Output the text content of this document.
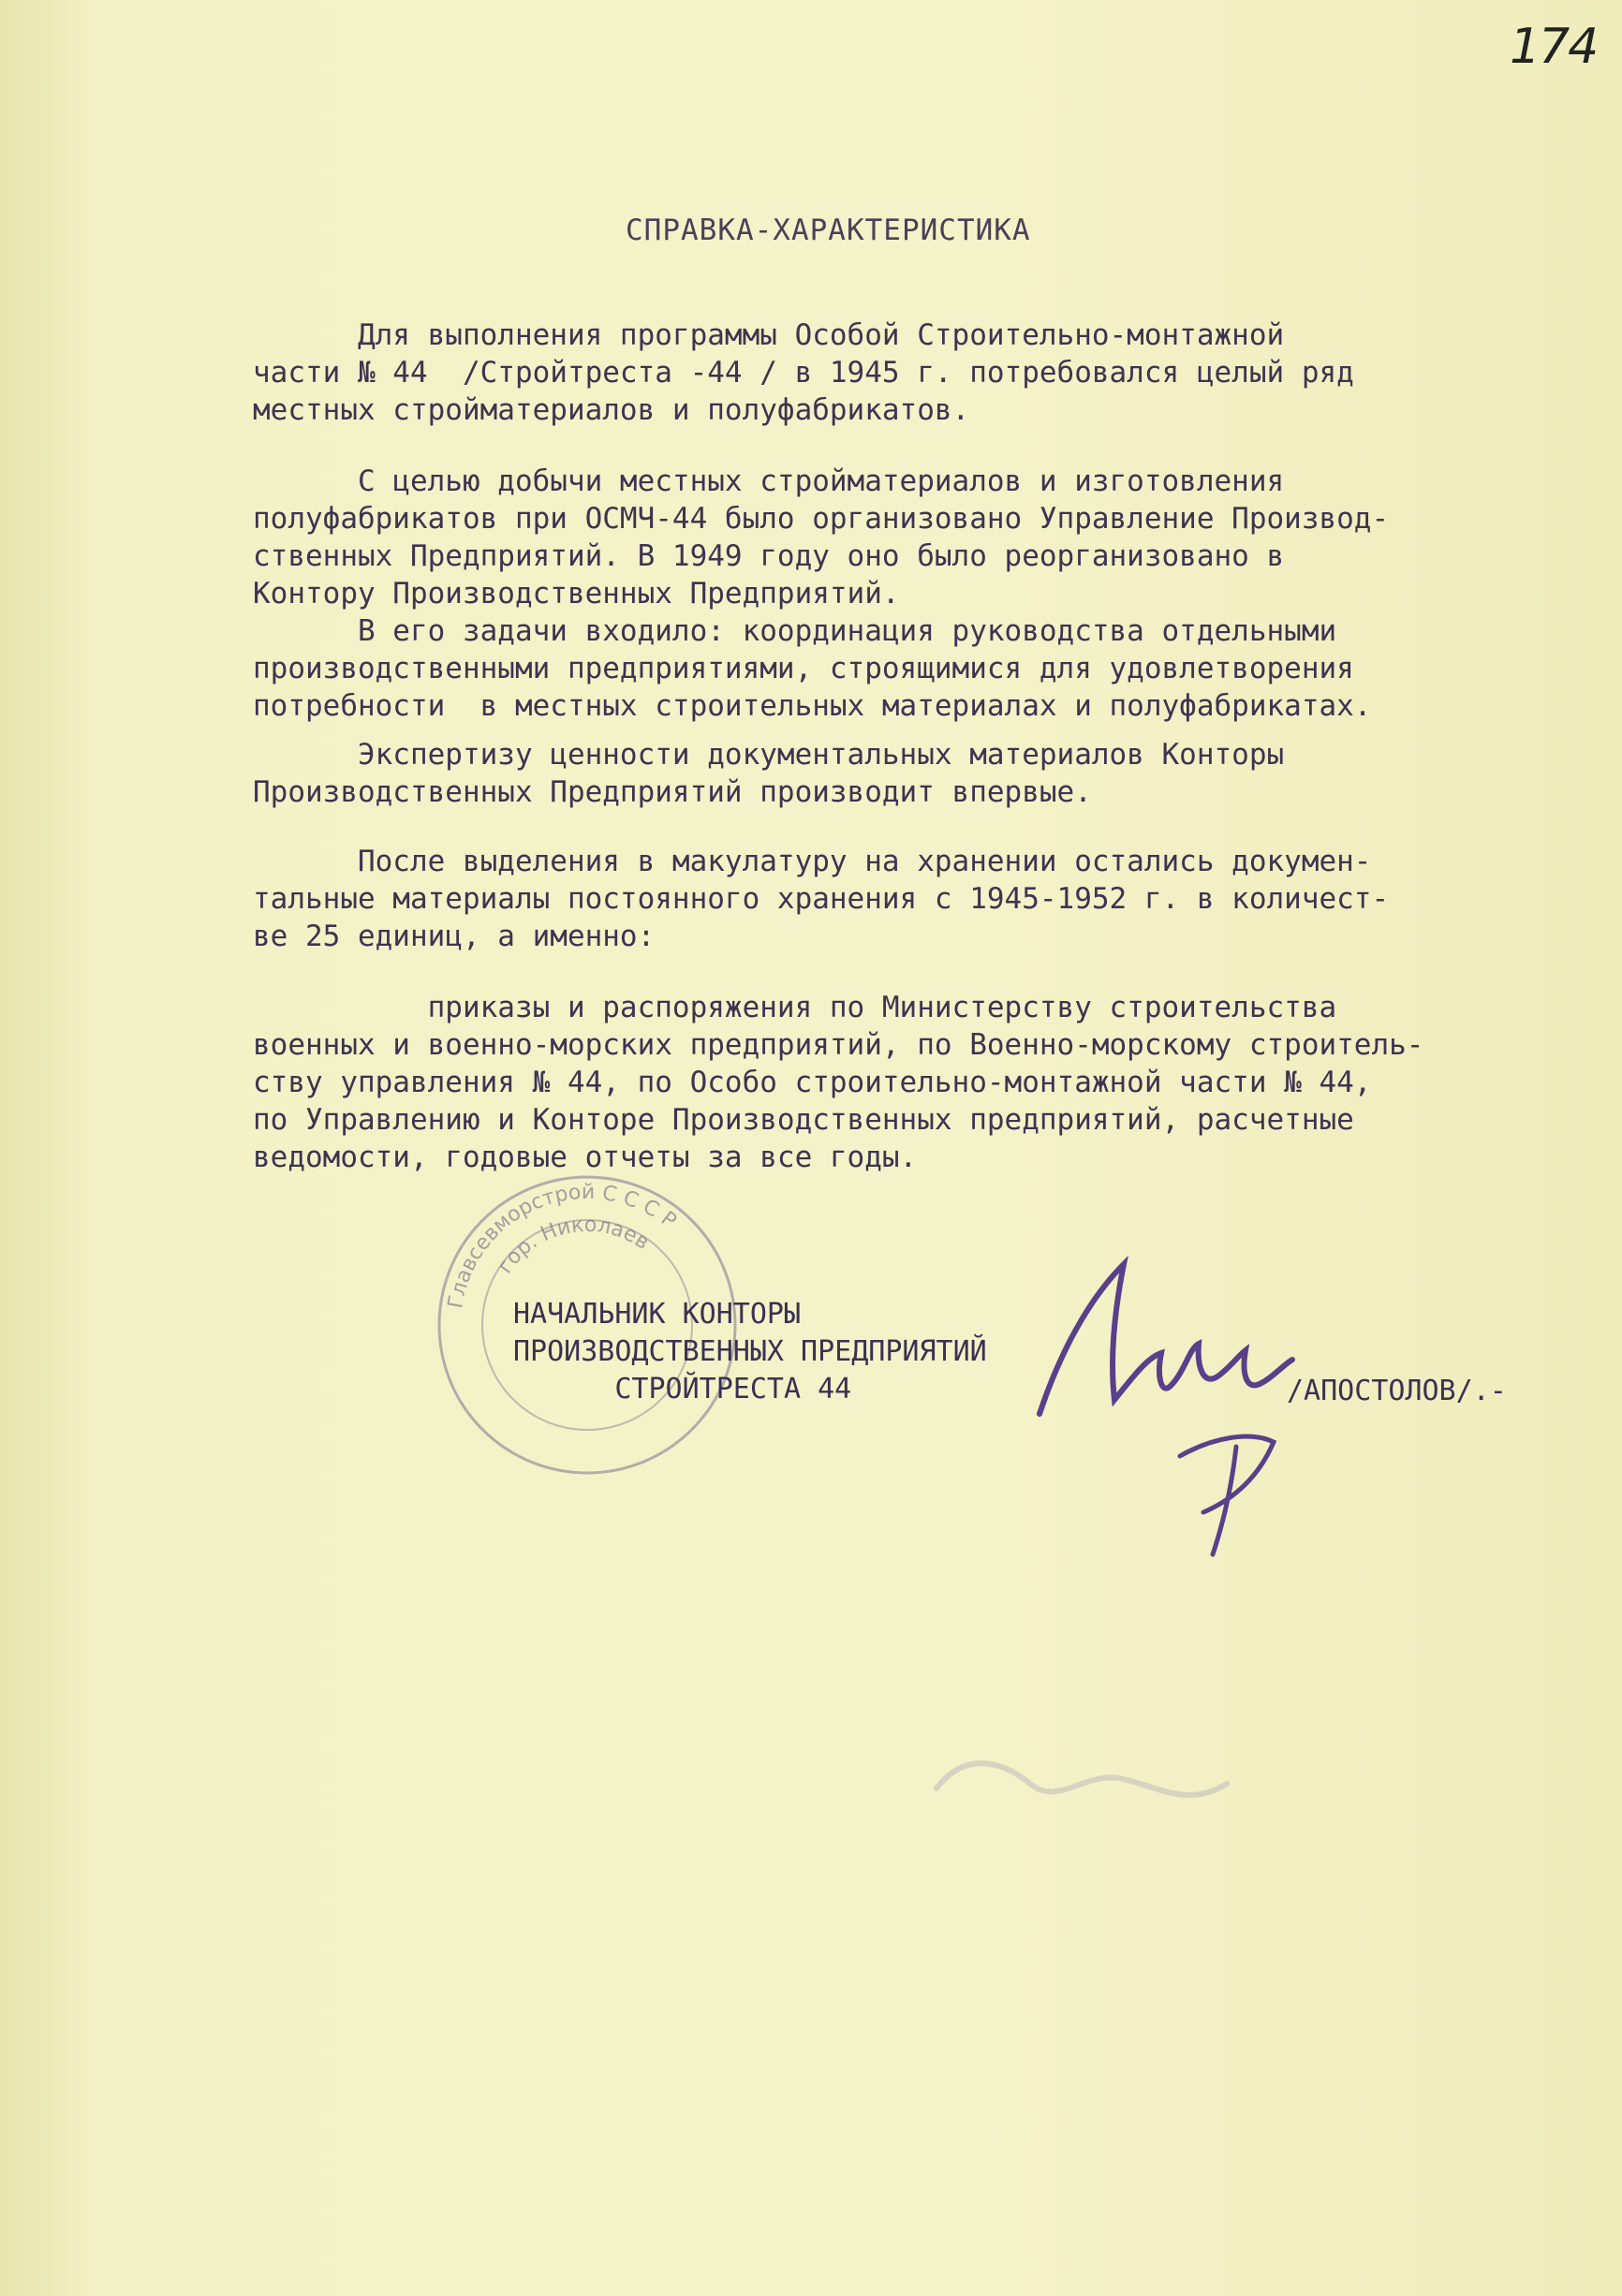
174
СПРАВКА-ХАРАКТЕРИСТИКА
Для выполнения программы Особой Строительно-монтажной
части № 44  /Стройтреста -44 / в 1945 г. потребовался целый ряд
местных стройматериалов и полуфабрикатов.
С целью добычи местных стройматериалов и изготовления
полуфабрикатов при ОСМЧ-44 было организовано Управление Производ-
ственных Предприятий. В 1949 году оно было реорганизовано в
Контору Производственных Предприятий.
В его задачи входило: координация руководства отдельными
производственными предприятиями, строящимися для удовлетворения
потребности  в местных строительных материалах и полуфабрикатах.
Экспертизу ценности документальных материалов Конторы
Производственных Предприятий производит впервые.
После выделения в макулатуру на хранении остались докумен-
тальные материалы постоянного хранения с 1945-1952 г. в количест-
ве 25 единиц, а именно:
приказы и распоряжения по Министерству строительства
военных и военно-морских предприятий, по Военно-морскому строитель-
ству управления № 44, по Особо строительно-монтажной части № 44,
по Управлению и Конторе Производственных предприятий, расчетные
ведомости, годовые отчеты за все годы.
Главсевморстрой С С С Р
гор. Николаев
НАЧАЛЬНИК КОНТОРЫ
ПРОИЗВОДСТВЕННЫХ ПРЕДПРИЯТИЙ
СТРОЙТРЕСТА 44	/АПОСТОЛОВ/.-
